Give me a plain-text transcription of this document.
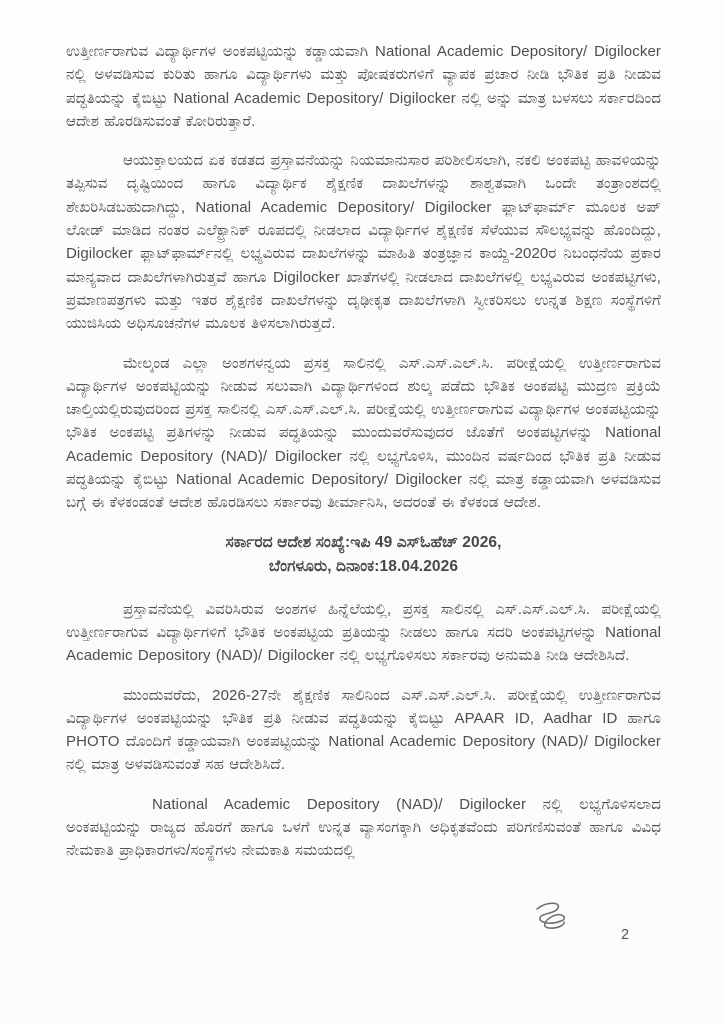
ಉತ್ತೀರ್ಣರಾಗುವ ವಿದ್ಯಾರ್ಥಿಗಳ ಅಂಕಪಟ್ಟಿಯನ್ನು ಕಡ್ಡಾಯವಾಗಿ National Academic Depository/ Digilocker ನಲ್ಲಿ ಅಳವಡಿಸುವ ಕುರಿತು ಹಾಗೂ ವಿದ್ಯಾರ್ಥಿಗಳು ಮತ್ತು ಪೋಷಕರುಗಳಿಗೆ ವ್ಯಾಪಕ ಪ್ರಚಾರ ನೀಡಿ ಭೌತಿಕ ಪ್ರತಿ ನೀಡುವ ಪದ್ಧತಿಯನ್ನು ಕೈಬಿಟ್ಟು National Academic Depository/ Digilocker ನಲ್ಲಿ ಅನ್ನು ಮಾತ್ರ ಬಳಸಲು ಸರ್ಕಾರದಿಂದ ಆದೇಶ ಹೊರಡಿಸುವಂತೆ ಕೋರಿರುತ್ತಾರೆ.

ಆಯುಕ್ತಾಲಯದ ಏಕ ಕಡತದ ಪ್ರಸ್ತಾವನೆಯನ್ನು ನಿಯಮಾನುಸಾರ ಪರಿಶೀಲಿಸಲಾಗಿ, ನಕಲಿ ಅಂಕಪಟ್ಟಿ ಹಾವಳಿಯನ್ನು ತಪ್ಪಿಸುವ ದೃಷ್ಟಿಯಿಂದ ಹಾಗೂ ವಿದ್ಯಾರ್ಥಿಕ ಶೈಕ್ಷಣಿಕ ದಾಖಲೆಗಳನ್ನು ಶಾಶ್ವತವಾಗಿ ಒಂದೇ ತಂತ್ರಾಂಶದಲ್ಲಿ ಶೇಖರಿಸಿಡಬಹುದಾಗಿದ್ದು, National Academic Depository/ Digilocker ಫ್ಲಾಟ್‌ಫಾರ್ಮ್ ಮೂಲಕ ಅಪ್ ಲೋಡ್ ಮಾಡಿದ ನಂತರ ಎಲೆಕ್ಟ್ರಾನಿಕ್ ರೂಪದಲ್ಲಿ ನೀಡಲಾದ ವಿದ್ಯಾರ್ಥಿಗಳ ಶೈಕ್ಷಣಿಕ ಸೆಳೆಯುವ ಸೌಲಭ್ಯವನ್ನು ಹೊಂದಿದ್ದು, Digilocker ಫ್ಲಾಟ್‌ಫಾರ್ಮ್‌ನಲ್ಲಿ ಲಭ್ಯವಿರುವ ದಾಖಲೆಗಳನ್ನು ಮಾಹಿತಿ ತಂತ್ರಜ್ಞಾನ ಕಾಯ್ದೆ-2020ರ ನಿಬಂಧನೆಯ ಪ್ರಕಾರ ಮಾನ್ಯವಾದ ದಾಖಲೆಗಳಾಗಿರುತ್ತವೆ ಹಾಗೂ Digilocker ಖಾತೆಗಳಲ್ಲಿ ನೀಡಲಾದ ದಾಖಲೆಗಳಲ್ಲಿ ಲಭ್ಯವಿರುವ ಅಂಕಪಟ್ಟಿಗಳು, ಪ್ರಮಾಣಪತ್ರಗಳು ಮತ್ತು ಇತರ ಶೈಕ್ಷಣಿಕ ದಾಖಲೆಗಳನ್ನು ದೃಢೀಕೃತ ದಾಖಲೆಗಳಾಗಿ ಸ್ವೀಕರಿಸಲು ಉನ್ನತ ಶಿಕ್ಷಣ ಸಂಸ್ಥೆಗಳಿಗೆ ಯುಜಿಸಿಯ ಅಧಿಸೂಚನೆಗಳ ಮೂಲಕ ತಿಳಿಸಲಾಗಿರುತ್ತದೆ.

ಮೇಲ್ಕಂಡ ಎಲ್ಲಾ ಅಂಶಗಳನ್ವಯ ಪ್ರಸಕ್ತ ಸಾಲಿನಲ್ಲಿ ಎಸ್.ಎಸ್.ಎಲ್.ಸಿ. ಪರೀಕ್ಷೆಯಲ್ಲಿ ಉತ್ತೀರ್ಣರಾಗುವ ವಿದ್ಯಾರ್ಥಿಗಳ ಅಂಕಪಟ್ಟಿಯನ್ನು ನೀಡುವ ಸಲುವಾಗಿ ವಿದ್ಯಾರ್ಥಿಗಳಿಂದ ಶುಲ್ಕ ಪಡೆದು ಭೌತಿಕ ಅಂಕಪಟ್ಟಿ ಮುದ್ರಣ ಪ್ರಕ್ರಿಯೆ ಚಾಲ್ತಿಯಲ್ಲಿರುವುದರಿಂದ ಪ್ರಸಕ್ತ ಸಾಲಿನಲ್ಲಿ ಎಸ್.ಎಸ್.ಎಲ್.ಸಿ. ಪರೀಕ್ಷೆಯಲ್ಲಿ ಉತ್ತೀರ್ಣರಾಗುವ ವಿದ್ಯಾರ್ಥಿಗಳ ಅಂಕಪಟ್ಟಿಯನ್ನು ಭೌತಿಕ ಅಂಕಪಟ್ಟಿ ಪ್ರತಿಗಳನ್ನು ನೀಡುವ ಪದ್ಧತಿಯನ್ನು ಮುಂದುವರೆಸುವುದರ ಜೊತೆಗೆ ಅಂಕಪಟ್ಟಿಗಳನ್ನು National Academic Depository (NAD)/ Digilocker ನಲ್ಲಿ ಲಭ್ಯಗೊಳಿಸಿ, ಮುಂದಿನ ವರ್ಷದಿಂದ ಭೌತಿಕ ಪ್ರತಿ ನೀಡುವ ಪದ್ಧತಿಯನ್ನು ಕೈಬಿಟ್ಟು National Academic Depository/ Digilocker ನಲ್ಲಿ ಮಾತ್ರ ಕಡ್ಡಾಯವಾಗಿ ಅಳವಡಿಸುವ ಬಗ್ಗೆ ಈ ಕೆಳಕಂಡಂತೆ ಆದೇಶ ಹೊರಡಿಸಲು ಸರ್ಕಾರವು ತೀರ್ಮಾನಿಸಿ, ಅದರಂತೆ ಈ ಕೆಳಕಂಡ ಆದೇಶ.

ಸರ್ಕಾರದ ಆದೇಶ ಸಂಖ್ಯೆ:ಇಪಿ 49 ಎಸ್‌ಓಹೆಚ್ 2026,
ಬೆಂಗಳೂರು, ದಿನಾಂಕ:18.04.2026

ಪ್ರಸ್ತಾವನೆಯಲ್ಲಿ ವಿವರಿಸಿರುವ ಅಂಶಗಳ ಹಿನ್ನೆಲೆಯಲ್ಲಿ, ಪ್ರಸಕ್ತ ಸಾಲಿನಲ್ಲಿ ಎಸ್.ಎಸ್.ಎಲ್.ಸಿ. ಪರೀಕ್ಷೆಯಲ್ಲಿ ಉತ್ತೀರ್ಣರಾಗುವ ವಿದ್ಯಾರ್ಥಿಗಳಿಗೆ ಭೌತಿಕ ಅಂಕಪಟ್ಟಿಯ ಪ್ರತಿಯನ್ನು ನೀಡಲು ಹಾಗೂ ಸದರಿ ಅಂಕಪಟ್ಟಿಗಳನ್ನು National Academic Depository (NAD)/ Digilocker ನಲ್ಲಿ ಲಭ್ಯಗೊಳಿಸಲು ಸರ್ಕಾರವು ಅನುಮತಿ ನೀಡಿ ಆದೇಶಿಸಿದೆ.

ಮುಂದುವರೆದು, 2026-27ನೇ ಶೈಕ್ಷಣಿಕ ಸಾಲಿನಿಂದ ಎಸ್.ಎಸ್.ಎಲ್.ಸಿ. ಪರೀಕ್ಷೆಯಲ್ಲಿ ಉತ್ತೀರ್ಣರಾಗುವ ವಿದ್ಯಾರ್ಥಿಗಳ ಅಂಕಪಟ್ಟಿಯನ್ನು ಭೌತಿಕ ಪ್ರತಿ ನೀಡುವ ಪದ್ಧತಿಯನ್ನು ಕೈಬಿಟ್ಟು APAAR ID, Aadhar ID ಹಾಗೂ PHOTO ದೊಂದಿಗೆ ಕಡ್ಡಾಯವಾಗಿ ಅಂಕಪಟ್ಟಿಯನ್ನು National Academic Depository (NAD)/ Digilocker ನಲ್ಲಿ ಮಾತ್ರ ಅಳವಡಿಸುವಂತೆ ಸಹ ಆದೇಶಿಸಿದೆ.

National Academic Depository (NAD)/ Digilocker ನಲ್ಲಿ ಲಭ್ಯಗೊಳಿಸಲಾದ ಅಂಕಪಟ್ಟಿಯನ್ನು ರಾಜ್ಯದ ಹೊರಗೆ ಹಾಗೂ ಒಳಗೆ ಉನ್ನತ ವ್ಯಾಸಂಗಕ್ಕಾಗಿ ಅಧಿಕೃತವೆಂದು ಪರಿಗಣಿಸುವಂತೆ ಹಾಗೂ ವಿವಿಧ ನೇಮಕಾತಿ ಪ್ರಾಧಿಕಾರಗಳು/ಸಂಸ್ಥೆಗಳು ನೇಮಕಾತಿ ಸಮಯದಲ್ಲಿ

2
